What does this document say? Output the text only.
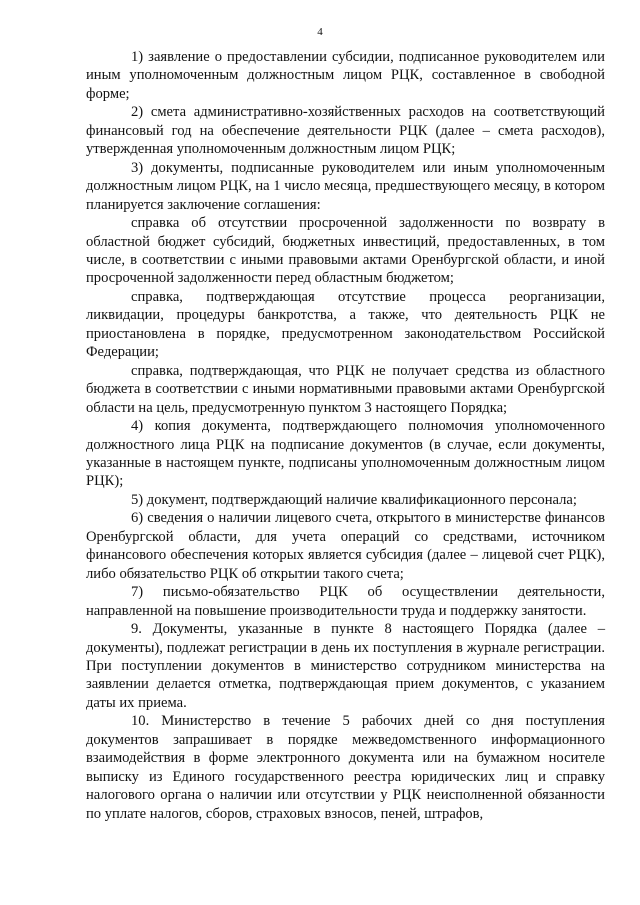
4

1) заявление о предоставлении субсидии, подписанное руководителем или иным уполномоченным должностным лицом РЦК, составленное в свободной форме;

2) смета административно-хозяйственных расходов на соответствующий финансовый год на обеспечение деятельности РЦК (далее – смета расходов), утвержденная уполномоченным должностным лицом РЦК;

3) документы, подписанные руководителем или иным уполномоченным должностным лицом РЦК, на 1 число месяца, предшествующего месяцу, в котором планируется заключение соглашения:

справка об отсутствии просроченной задолженности по возврату в областной бюджет субсидий, бюджетных инвестиций, предоставленных, в том числе, в соответствии с иными правовыми актами Оренбургской области, и иной просроченной задолженности перед областным бюджетом;

справка, подтверждающая отсутствие процесса реорганизации, ликвидации, процедуры банкротства, а также, что деятельность РЦК не приостановлена в порядке, предусмотренном законодательством Российской Федерации;

справка, подтверждающая, что РЦК не получает средства из областного бюджета в соответствии с иными нормативными правовыми актами Оренбургской области на цель, предусмотренную пунктом 3 настоящего Порядка;

4) копия документа, подтверждающего полномочия уполномоченного должностного лица РЦК на подписание документов (в случае, если документы, указанные в настоящем пункте, подписаны уполномоченным должностным лицом РЦК);

5) документ, подтверждающий наличие квалификационного персонала;

6) сведения о наличии лицевого счета, открытого в министерстве финансов Оренбургской области, для учета операций со средствами, источником финансового обеспечения которых является субсидия (далее – лицевой счет РЦК), либо обязательство РЦК об открытии такого счета;

7) письмо-обязательство РЦК об осуществлении деятельности, направленной на повышение производительности труда и поддержку занятости.

9. Документы, указанные в пункте 8 настоящего Порядка (далее – документы), подлежат регистрации в день их поступления в журнале регистрации. При поступлении документов в министерство сотрудником министерства на заявлении делается отметка, подтверждающая прием документов, с указанием даты их приема.

10. Министерство в течение 5 рабочих дней со дня поступления документов запрашивает в порядке межведомственного информационного взаимодействия в форме электронного документа или на бумажном носителе выписку из Единого государственного реестра юридических лиц и справку налогового органа о наличии или отсутствии у РЦК неисполненной обязанности по уплате налогов, сборов, страховых взносов, пеней, штрафов,
